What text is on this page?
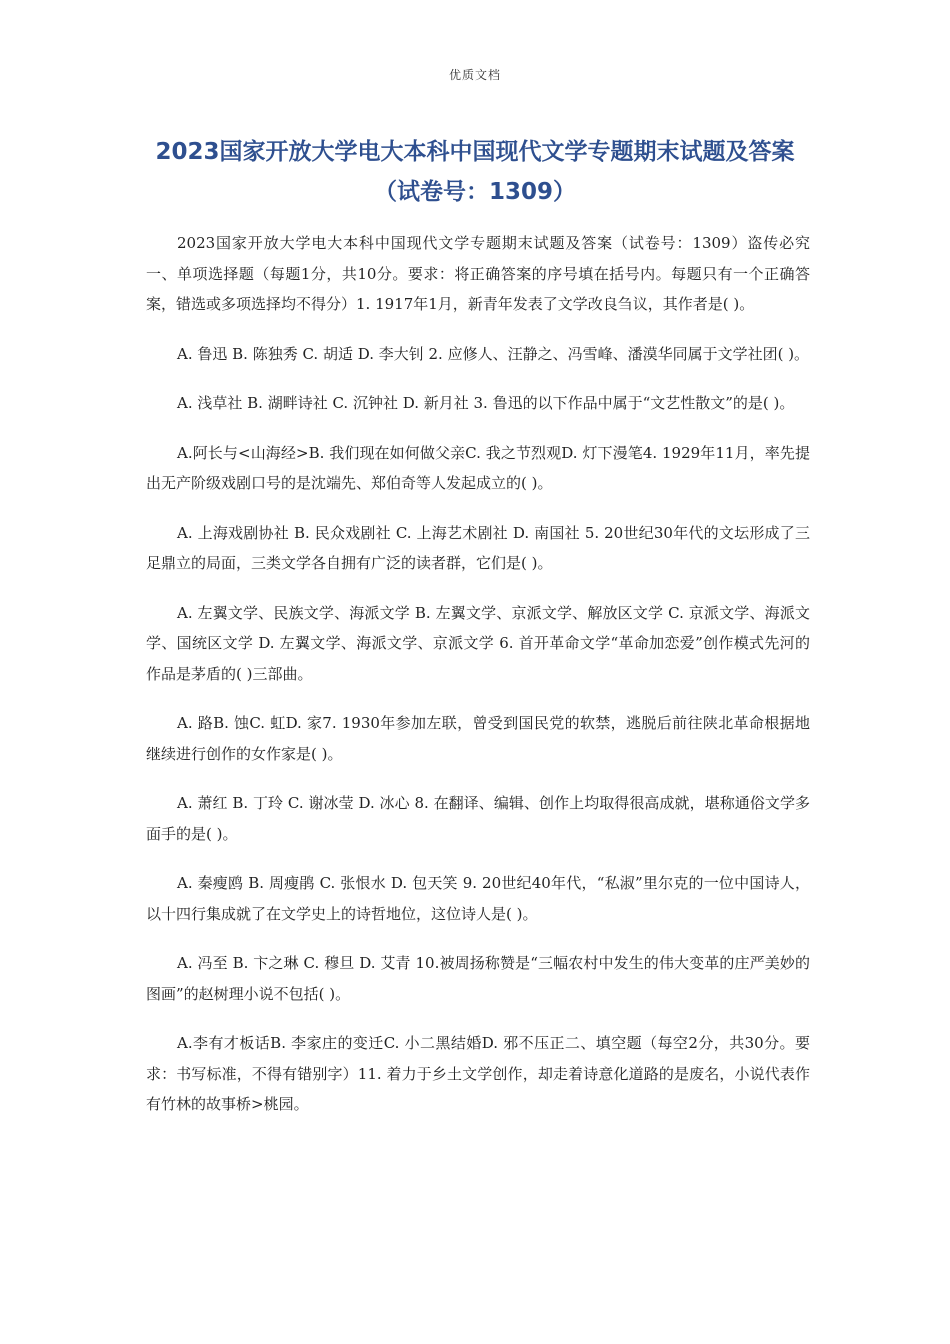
优质文档
2023国家开放大学电大本科中国现代文学专题期末试题及答案
（试卷号：1309）

2023国家开放大学电大本科中国现代文学专题期末试题及答案（试卷号：1309）盗传必究 一、单项选择题（每题1分，共10分。要求：将正确答案的序号填在括号内。每题只有一个正确答案，错选或多项选择均不得分）1. 1917年1月，新青年发表了文学改良刍议，其作者是( )。

A. 鲁迅 B. 陈独秀 C. 胡适 D. 李大钊 2. 应修人、汪静之、冯雪峰、潘漠华同属于文学社团( )。

A. 浅草社 B. 湖畔诗社 C. 沉钟社 D. 新月社 3. 鲁迅的以下作品中属于“文艺性散文”的是( )。

A.阿长与<山海经>B. 我们现在如何做父亲C. 我之节烈观D. 灯下漫笔4. 1929年11月，率先提出无产阶级戏剧口号的是沈端先、郑伯奇等人发起成立的( )。

A. 上海戏剧协社 B. 民众戏剧社 C. 上海艺术剧社 D. 南国社 5. 20世纪30年代的文坛形成了三足鼎立的局面，三类文学各自拥有广泛的读者群，它们是( )。

A. 左翼文学、民族文学、海派文学 B. 左翼文学、京派文学、解放区文学 C. 京派文学、海派文学、国统区文学 D. 左翼文学、海派文学、京派文学 6. 首开革命文学“革命加恋爱”创作模式先河的作品是茅盾的( )三部曲。

A. 路B. 蚀C. 虹D. 家7. 1930年参加左联，曾受到国民党的软禁，逃脱后前往陕北革命根据地继续进行创作的女作家是( )。

A. 萧红 B. 丁玲 C. 谢冰莹 D. 冰心 8. 在翻译、编辑、创作上均取得很高成就，堪称通俗文学多面手的是( )。

A. 秦瘦鸥 B. 周瘦鹃 C. 张恨水 D. 包天笑 9. 20世纪40年代，“私淑”里尔克的一位中国诗人，以十四行集成就了在文学史上的诗哲地位，这位诗人是( )。

A. 冯至 B. 卞之琳 C. 穆旦 D. 艾青 10.被周扬称赞是“三幅农村中发生的伟大变革的庄严美妙的图画”的赵树理小说不包括( )。

A.李有才板话B. 李家庄的变迁C. 小二黑结婚D. 邪不压正二、填空题（每空2分，共30分。要求：书写标准，不得有错别字）11. 着力于乡土文学创作，却走着诗意化道路的是废名，小说代表作有竹林的故事桥>桃园。
